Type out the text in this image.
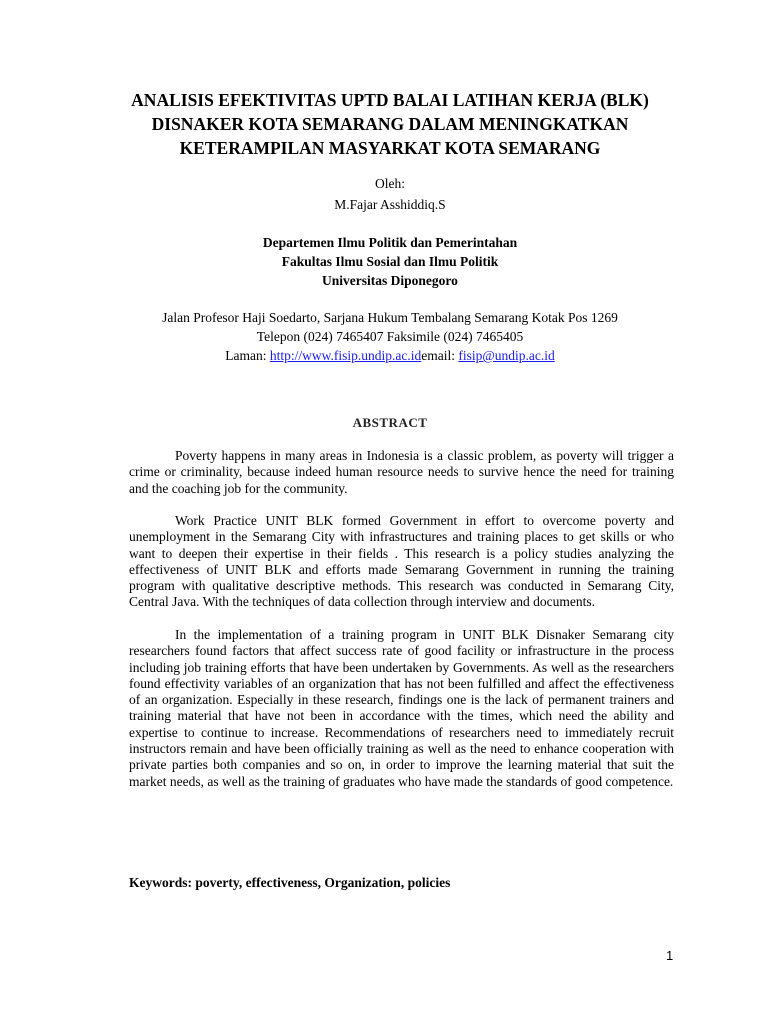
ANALISIS EFEKTIVITAS UPTD BALAI LATIHAN KERJA (BLK)
DISNAKER KOTA SEMARANG DALAM MENINGKATKAN
KETERAMPILAN MASYARKAT KOTA SEMARANG
Oleh:
M.Fajar Asshiddiq.S
Departemen Ilmu Politik dan Pemerintahan
Fakultas Ilmu Sosial dan Ilmu Politik
Universitas Diponegoro
Jalan Profesor Haji Soedarto, Sarjana Hukum Tembalang Semarang Kotak Pos 1269
Telepon (024) 7465407 Faksimile (024) 7465405
Laman: http://www.fisip.undip.ac.idemail: fisip@undip.ac.id
ABSTRACT

Poverty happens in many areas in Indonesia is a classic problem, as poverty will trigger a crime or criminality, because indeed human resource needs to survive hence the need for training and the coaching job for the community.

Work Practice UNIT BLK formed Government in effort to overcome poverty and unemployment in the Semarang City with infrastructures and training places to get skills or who want to deepen their expertise in their fields . This research is a policy studies analyzing the effectiveness of UNIT BLK and efforts made Semarang Government in running the training program with qualitative descriptive methods. This research was conducted in Semarang City, Central Java. With the techniques of data collection through interview and documents.

In the implementation of a training program in UNIT BLK Disnaker Semarang city researchers found factors that affect success rate of good facility or infrastructure in the process including job training efforts that have been undertaken by Governments. As well as the researchers found effectivity variables of an organization that has not been fulfilled and affect the effectiveness of an organization. Especially in these research, findings one is the lack of permanent trainers and training material that have not been in accordance with the times, which need the ability and expertise to continue to increase. Recommendations of researchers need to immediately recruit instructors remain and have been officially training as well as the need to enhance cooperation with private parties both companies and so on, in order to improve the learning material that suit the market needs, as well as the training of graduates who have made the standards of good competence.

Keywords: poverty, effectiveness, Organization, policies
1
